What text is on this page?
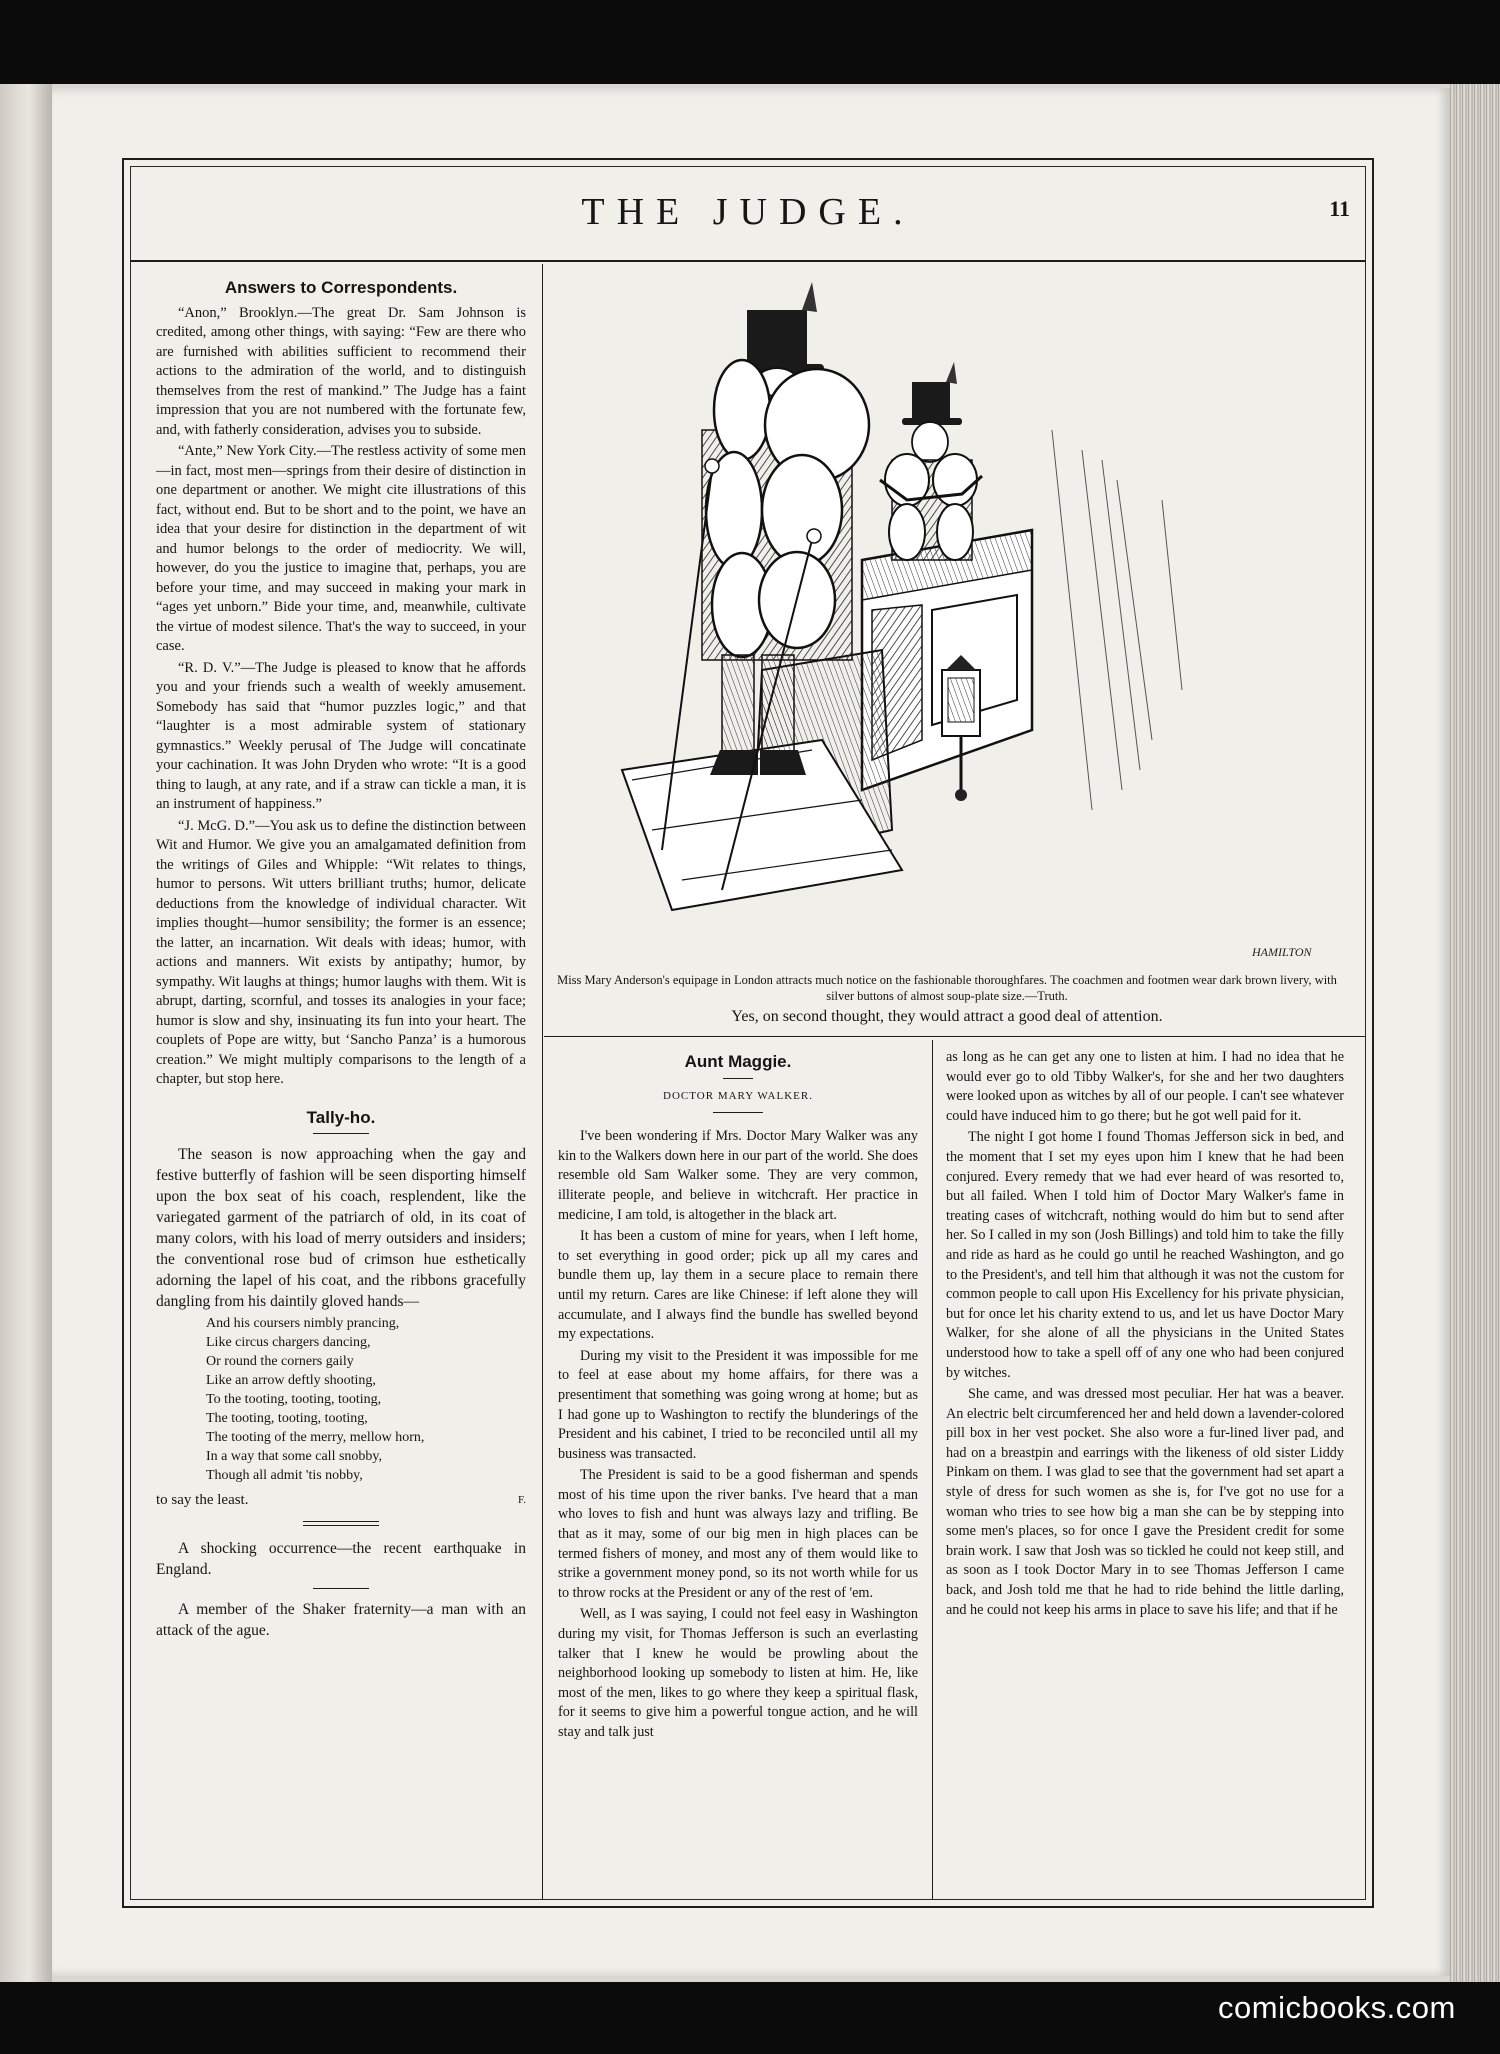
THE JUDGE.	11
Answers to Correspondents.

“Anon,” Brooklyn.—The great Dr. Sam Johnson is credited, among other things, with saying: “Few are there who are furnished with abilities sufficient to recommend their actions to the admiration of the world, and to distinguish themselves from the rest of mankind.” The Judge has a faint impression that you are not numbered with the fortunate few, and, with fatherly consideration, advises you to subside.

“Ante,” New York City.—The restless activity of some men—in fact, most men—springs from their desire of distinction in one department or another. We might cite illustrations of this fact, without end. But to be short and to the point, we have an idea that your desire for distinction in the department of wit and humor belongs to the order of mediocrity. We will, however, do you the justice to imagine that, perhaps, you are before your time, and may succeed in making your mark in “ages yet unborn.” Bide your time, and, meanwhile, cultivate the virtue of modest silence. That's the way to succeed, in your case.

“R. D. V.”—The Judge is pleased to know that he affords you and your friends such a wealth of weekly amusement. Somebody has said that “humor puzzles logic,” and that “laughter is a most admirable system of stationary gymnastics.” Weekly perusal of The Judge will concatinate your cachination. It was John Dryden who wrote: “It is a good thing to laugh, at any rate, and if a straw can tickle a man, it is an instrument of happiness.”

“J. McG. D.”—You ask us to define the distinction between Wit and Humor. We give you an amalgamated definition from the writings of Giles and Whipple: “Wit relates to things, humor to persons. Wit utters brilliant truths; humor, delicate deductions from the knowledge of individual character. Wit implies thought—humor sensibility; the former is an essence; the latter, an incarnation. Wit deals with ideas; humor, with actions and manners. Wit exists by antipathy; humor, by sympathy. Wit laughs at things; humor laughs with them. Wit is abrupt, darting, scornful, and tosses its analogies in your face; humor is slow and shy, insinuating its fun into your heart. The couplets of Pope are witty, but ‘Sancho Panza’ is a humorous creation.” We might multiply comparisons to the length of a chapter, but stop here.

Tally-ho.

The season is now approaching when the gay and festive butterfly of fashion will be seen disporting himself upon the box seat of his coach, resplendent, like the variegated garment of the patriarch of old, in its coat of many colors, with his load of merry outsiders and insiders; the conventional rose bud of crimson hue esthetically adorning the lapel of his coat, and the ribbons gracefully dangling from his daintily gloved hands—

And his coursers nimbly prancing,
Like circus chargers dancing,
Or round the corners gaily
Like an arrow deftly shooting,
To the tooting, tooting, tooting,
The tooting, tooting, tooting,
The tooting of the merry, mellow horn,
In a way that some call snobby,
Though all admit 'tis nobby,
to say the least.	F.

A shocking occurrence—the recent earthquake in England.

A member of the Shaker fraternity—a man with an attack of the ague.

HAMILTON
Miss Mary Anderson's equipage in London attracts much notice on the fashionable thoroughfares. The coachmen and footmen wear dark brown livery, with silver buttons of almost soup-plate size.—Truth.
Yes, on second thought, they would attract a good deal of attention.
Aunt Maggie.
DOCTOR MARY WALKER.

I've been wondering if Mrs. Doctor Mary Walker was any kin to the Walkers down here in our part of the world. She does resemble old Sam Walker some. They are very common, illiterate people, and believe in witchcraft. Her practice in medicine, I am told, is altogether in the black art.

It has been a custom of mine for years, when I left home, to set everything in good order; pick up all my cares and bundle them up, lay them in a secure place to remain there until my return. Cares are like Chinese: if left alone they will accumulate, and I always find the bundle has swelled beyond my expectations.

During my visit to the President it was impossible for me to feel at ease about my home affairs, for there was a presentiment that something was going wrong at home; but as I had gone up to Washington to rectify the blunderings of the President and his cabinet, I tried to be reconciled until all my business was transacted.

The President is said to be a good fisherman and spends most of his time upon the river banks. I've heard that a man who loves to fish and hunt was always lazy and trifling. Be that as it may, some of our big men in high places can be termed fishers of money, and most any of them would like to strike a government money pond, so its not worth while for us to throw rocks at the President or any of the rest of 'em.

Well, as I was saying, I could not feel easy in Washington during my visit, for Thomas Jefferson is such an everlasting talker that I knew he would be prowling about the neighborhood looking up somebody to listen at him. He, like most of the men, likes to go where they keep a spiritual flask, for it seems to give him a powerful tongue action, and he will stay and talk just

as long as he can get any one to listen at him. I had no idea that he would ever go to old Tibby Walker's, for she and her two daughters were looked upon as witches by all of our people. I can't see whatever could have induced him to go there; but he got well paid for it.

The night I got home I found Thomas Jefferson sick in bed, and the moment that I set my eyes upon him I knew that he had been conjured. Every remedy that we had ever heard of was resorted to, but all failed. When I told him of Doctor Mary Walker's fame in treating cases of witchcraft, nothing would do him but to send after her. So I called in my son (Josh Billings) and told him to take the filly and ride as hard as he could go until he reached Washington, and go to the President's, and tell him that although it was not the custom for common people to call upon His Excellency for his private physician, but for once let his charity extend to us, and let us have Doctor Mary Walker, for she alone of all the physicians in the United States understood how to take a spell off of any one who had been conjured by witches.

She came, and was dressed most peculiar. Her hat was a beaver. An electric belt circumferenced her and held down a lavender-colored pill box in her vest pocket. She also wore a fur-lined liver pad, and had on a breastpin and earrings with the likeness of old sister Liddy Pinkam on them. I was glad to see that the government had set apart a style of dress for such women as she is, for I've got no use for a woman who tries to see how big a man she can be by stepping into some men's places, so for once I gave the President credit for some brain work. I saw that Josh was so tickled he could not keep still, and as soon as I took Doctor Mary in to see Thomas Jefferson I came back, and Josh told me that he had to ride behind the little darling, and he could not keep his arms in place to save his life; and that if he

comicbooks.com
